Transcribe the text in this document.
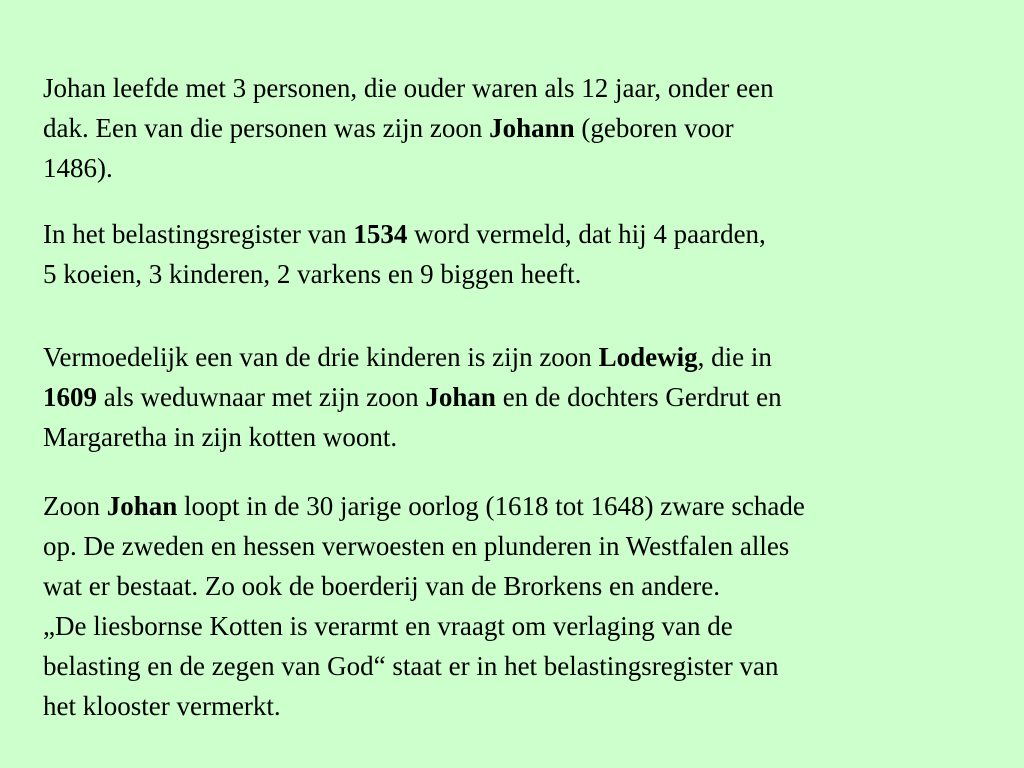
Johan leefde met 3 personen, die ouder waren als 12 jaar, onder een
dak. Een van die personen was zijn zoon Johann (geboren voor
1486).

In het belastingsregister van 1534 word vermeld, dat hij 4 paarden,
5 koeien, 3 kinderen, 2 varkens en 9 biggen heeft.

Vermoedelijk een van de drie kinderen is zijn zoon Lodewig, die in
1609 als weduwnaar met zijn zoon Johan en de dochters Gerdrut en
Margaretha in zijn kotten woont.

Zoon Johan loopt in de 30 jarige oorlog (1618 tot 1648) zware schade
op. De zweden en hessen verwoesten en plunderen in Westfalen alles
wat er bestaat. Zo ook de boerderij van de Brorkens en andere.
„De liesbornse Kotten is verarmt en vraagt om verlaging van de
belasting en de zegen van God“ staat er in het belastingsregister van
het klooster vermerkt.
